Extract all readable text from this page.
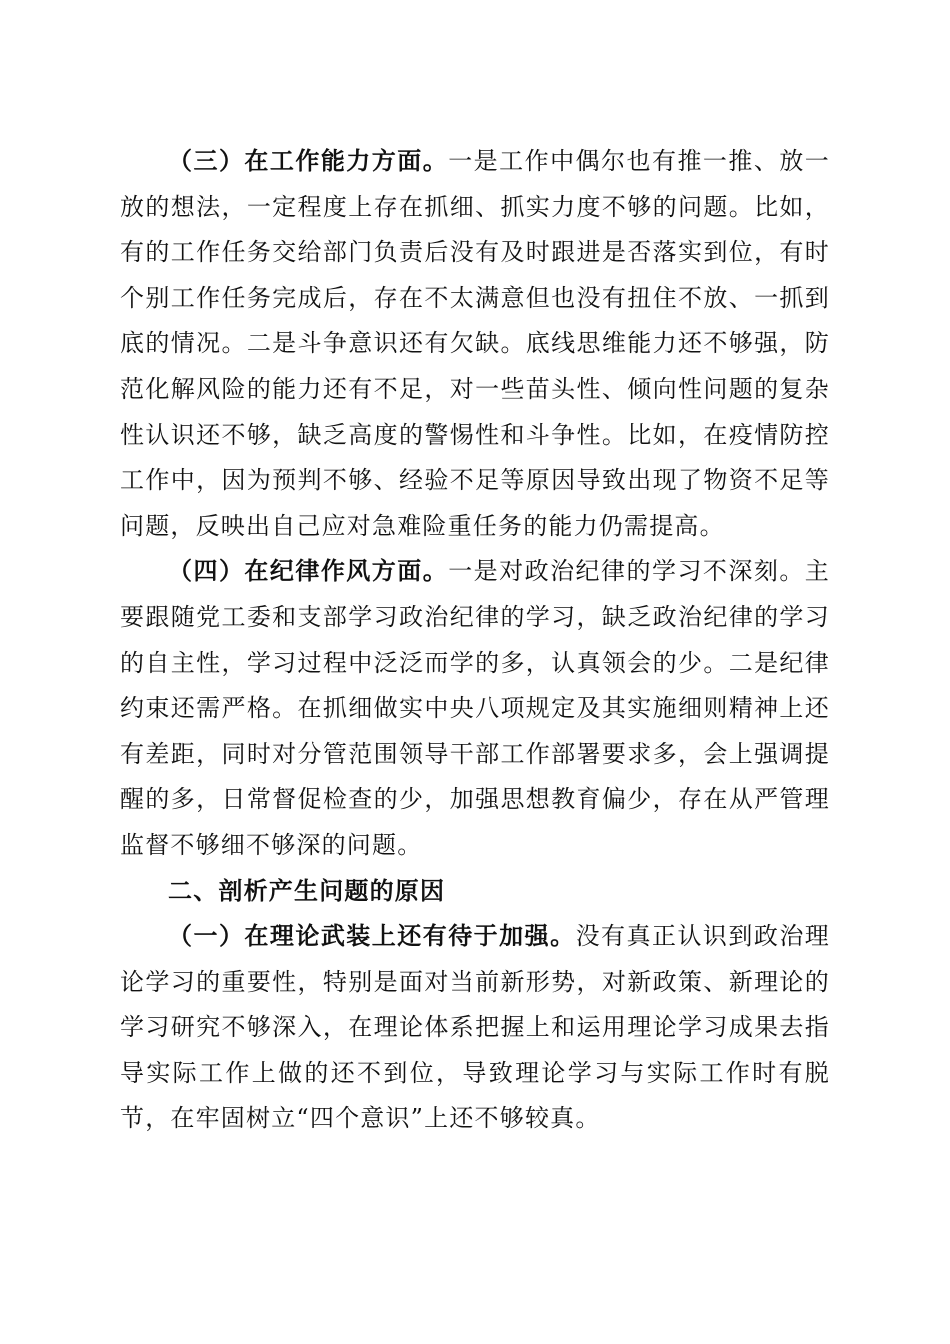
（三）在工作能力方面。一是工作中偶尔也有推一推、放一放的想法，一定程度上存在抓细、抓实力度不够的问题。比如，有的工作任务交给部门负责后没有及时跟进是否落实到位，有时个别工作任务完成后，存在不太满意但也没有扭住不放、一抓到底的情况。二是斗争意识还有欠缺。底线思维能力还不够强，防范化解风险的能力还有不足，对一些苗头性、倾向性问题的复杂性认识还不够，缺乏高度的警惕性和斗争性。比如，在疫情防控工作中，因为预判不够、经验不足等原因导致出现了物资不足等问题，反映出自己应对急难险重任务的能力仍需提高。

（四）在纪律作风方面。一是对政治纪律的学习不深刻。主要跟随党工委和支部学习政治纪律的学习，缺乏政治纪律的学习的自主性，学习过程中泛泛而学的多，认真领会的少。二是纪律约束还需严格。在抓细做实中央八项规定及其实施细则精神上还有差距，同时对分管范围领导干部工作部署要求多，会上强调提醒的多，日常督促检查的少，加强思想教育偏少，存在从严管理监督不够细不够深的问题。

二、剖析产生问题的原因

（一）在理论武装上还有待于加强。没有真正认识到政治理论学习的重要性，特别是面对当前新形势，对新政策、新理论的学习研究不够深入，在理论体系把握上和运用理论学习成果去指导实际工作上做的还不到位，导致理论学习与实际工作时有脱节，在牢固树立“四个意识”上还不够较真。
